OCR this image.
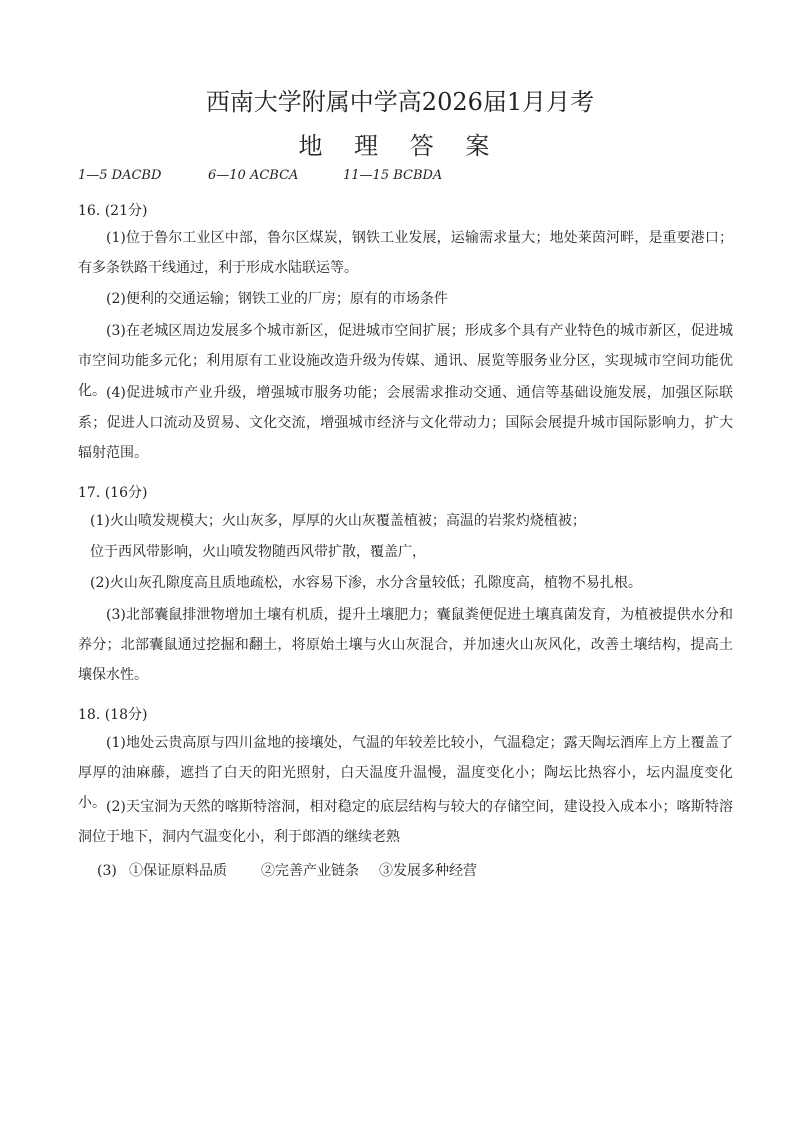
西南大学附属中学高2026届1月月考
地 理 答 案
1—5 DACBD	6—10 ACBCA	11—15 BCBDA
16. (21分)
(1)位于鲁尔工业区中部，鲁尔区煤炭，钢铁工业发展，运输需求量大；地处莱茵河畔，是重要港口；有多条铁路干线通过，利于形成水陆联运等。
(2)便利的交通运输；钢铁工业的厂房；原有的市场条件
(3)在老城区周边发展多个城市新区，促进城市空间扩展；形成多个具有产业特色的城市新区，促进城市空间功能多元化；利用原有工业设施改造升级为传媒、通讯、展览等服务业分区，实现城市空间功能优化。 (4)促进城市产业升级，增强城市服务功能；会展需求推动交通、通信等基础设施发展，加强区际联系；促进人口流动及贸易、文化交流，增强城市经济与文化带动力；国际会展提升城市国际影响力，扩大辐射范围。
17. (16分)
(1)火山喷发规模大；火山灰多，厚厚的火山灰覆盖植被；高温的岩浆灼烧植被；
位于西风带影响，火山喷发物随西风带扩散，覆盖广，
(2)火山灰孔隙度高且质地疏松，水容易下渗，水分含量较低；孔隙度高，植物不易扎根。
(3)北部囊鼠排泄物增加土壤有机质，提升土壤肥力；囊鼠粪便促进土壤真菌发育，为植被提供水分和养分；北部囊鼠通过挖掘和翻土，将原始土壤与火山灰混合，并加速火山灰风化，改善土壤结构，提高土壤保水性。
18. (18分)
(1)地处云贵高原与四川盆地的接壤处，气温的年较差比较小，气温稳定；露天陶坛酒库上方上覆盖了厚厚的油麻藤，遮挡了白天的阳光照射，白天温度升温慢，温度变化小；陶坛比热容小，坛内温度变化小。 (2)天宝洞为天然的喀斯特溶洞，相对稳定的底层结构与较大的存储空间，建设投入成本小；喀斯特溶洞位于地下，洞内气温变化小，利于郎酒的继续老熟
(3) ①保证原料品质 ②完善产业链条 ③发展多种经营
